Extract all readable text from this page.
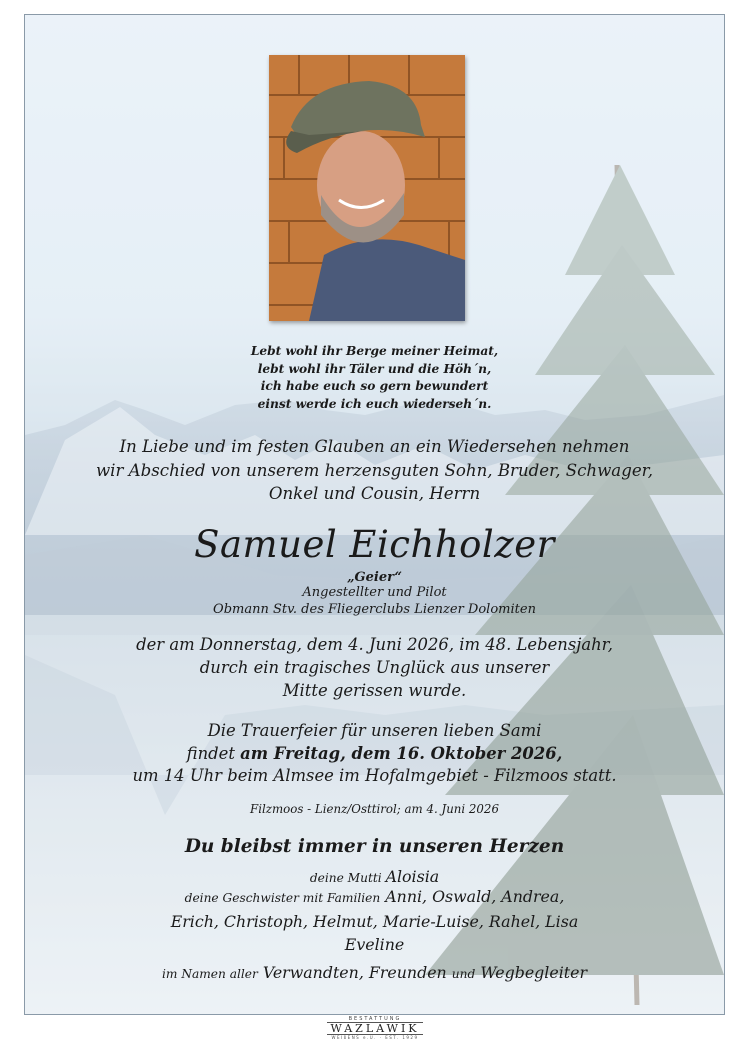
Lebt wohl ihr Berge meiner Heimat,
lebt wohl ihr Täler und die Höh´n,
ich habe euch so gern bewundert
einst werde ich euch wiederseh´n.
In Liebe und im festen Glauben an ein Wiedersehen nehmen
wir Abschied von unserem herzensguten Sohn, Bruder, Schwager,
Onkel und Cousin, Herrn
Samuel Eichholzer
„Geier“
Angestellter und Pilot
Obmann Stv. des Fliegerclubs Lienzer Dolomiten
der am Donnerstag, dem 4. Juni 2026, im 48. Lebensjahr,
durch ein tragisches Unglück aus unserer
Mitte gerissen wurde.
Die Trauerfeier für unseren lieben Sami
findet am Freitag, dem 16. Oktober 2026,
um 14 Uhr beim Almsee im Hofalmgebiet - Filzmoos statt.
Filzmoos - Lienz/Osttirol; am 4. Juni 2026
Du bleibst immer in unseren Herzen
deine Mutti Aloisia
deine Geschwister mit Familien Anni, Oswald, Andrea,
Erich, Christoph, Helmut, Marie-Luise, Rahel, Lisa
Eveline
im Namen aller Verwandten, Freunden und Wegbegleiter
BESTATTUNG
WAZLAWIK
WEIßENS e.U. · EST. 1929
